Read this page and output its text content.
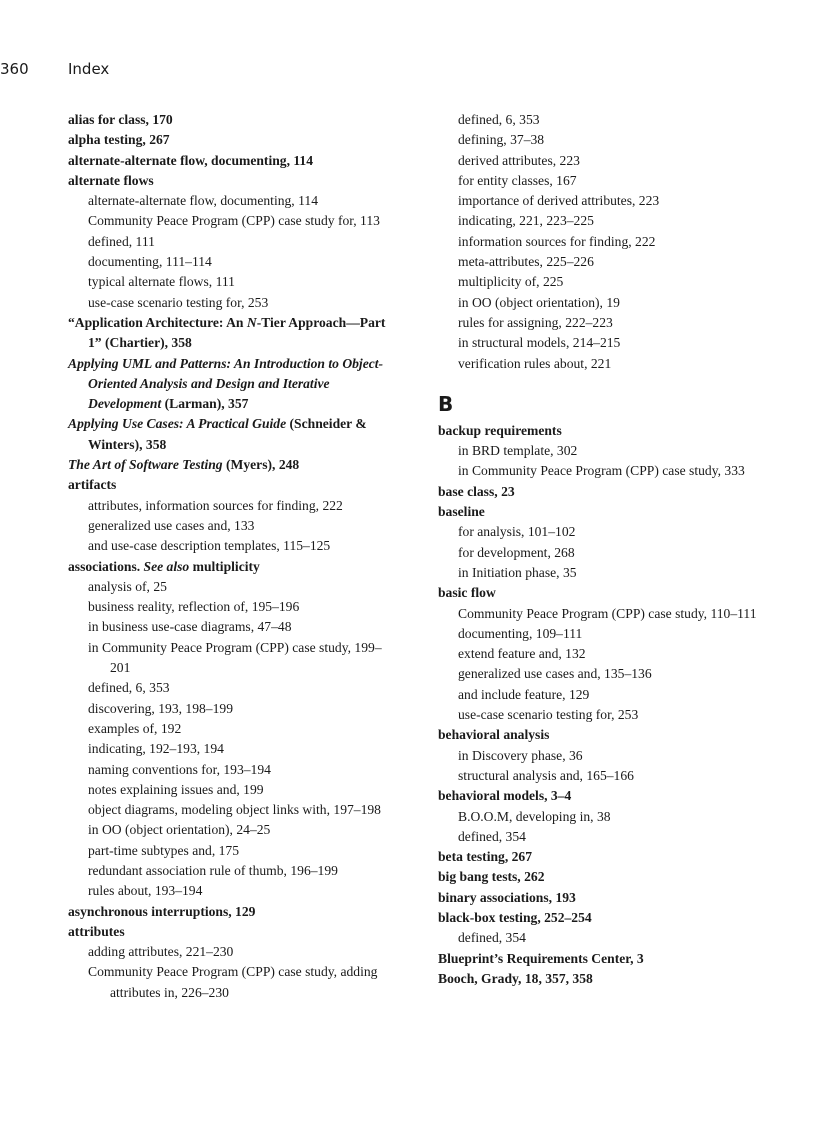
360	Index
alias for class, 170
alpha testing, 267
alternate-alternate flow, documenting, 114
alternate flows
alternate-alternate flow, documenting, 114
Community Peace Program (CPP) case study for, 113
defined, 111
documenting, 111–114
typical alternate flows, 111
use-case scenario testing for, 253
“Application Architecture: An N-Tier Approach—Part 1” (Chartier), 358
Applying UML and Patterns: An Introduction to Object-Oriented Analysis and Design and Iterative Development (Larman), 357
Applying Use Cases: A Practical Guide (Schneider & Winters), 358
The Art of Software Testing (Myers), 248
artifacts
attributes, information sources for finding, 222
generalized use cases and, 133
and use-case description templates, 115–125
associations. See also multiplicity
analysis of, 25
business reality, reflection of, 195–196
in business use-case diagrams, 47–48
in Community Peace Program (CPP) case study, 199–201
defined, 6, 353
discovering, 193, 198–199
examples of, 192
indicating, 192–193, 194
naming conventions for, 193–194
notes explaining issues and, 199
object diagrams, modeling object links with, 197–198
in OO (object orientation), 24–25
part-time subtypes and, 175
redundant association rule of thumb, 196–199
rules about, 193–194
asynchronous interruptions, 129
attributes
adding attributes, 221–230
Community Peace Program (CPP) case study, adding attributes in, 226–230
defined, 6, 353
defining, 37–38
derived attributes, 223
for entity classes, 167
importance of derived attributes, 223
indicating, 221, 223–225
information sources for finding, 222
meta-attributes, 225–226
multiplicity of, 225
in OO (object orientation), 19
rules for assigning, 222–223
in structural models, 214–215
verification rules about, 221
B
backup requirements
in BRD template, 302
in Community Peace Program (CPP) case study, 333
base class, 23
baseline
for analysis, 101–102
for development, 268
in Initiation phase, 35
basic flow
Community Peace Program (CPP) case study, 110–111
documenting, 109–111
extend feature and, 132
generalized use cases and, 135–136
and include feature, 129
use-case scenario testing for, 253
behavioral analysis
in Discovery phase, 36
structural analysis and, 165–166
behavioral models, 3–4
B.O.O.M, developing in, 38
defined, 354
beta testing, 267
big bang tests, 262
binary associations, 193
black-box testing, 252–254
defined, 354
Blueprint’s Requirements Center, 3
Booch, Grady, 18, 357, 358
